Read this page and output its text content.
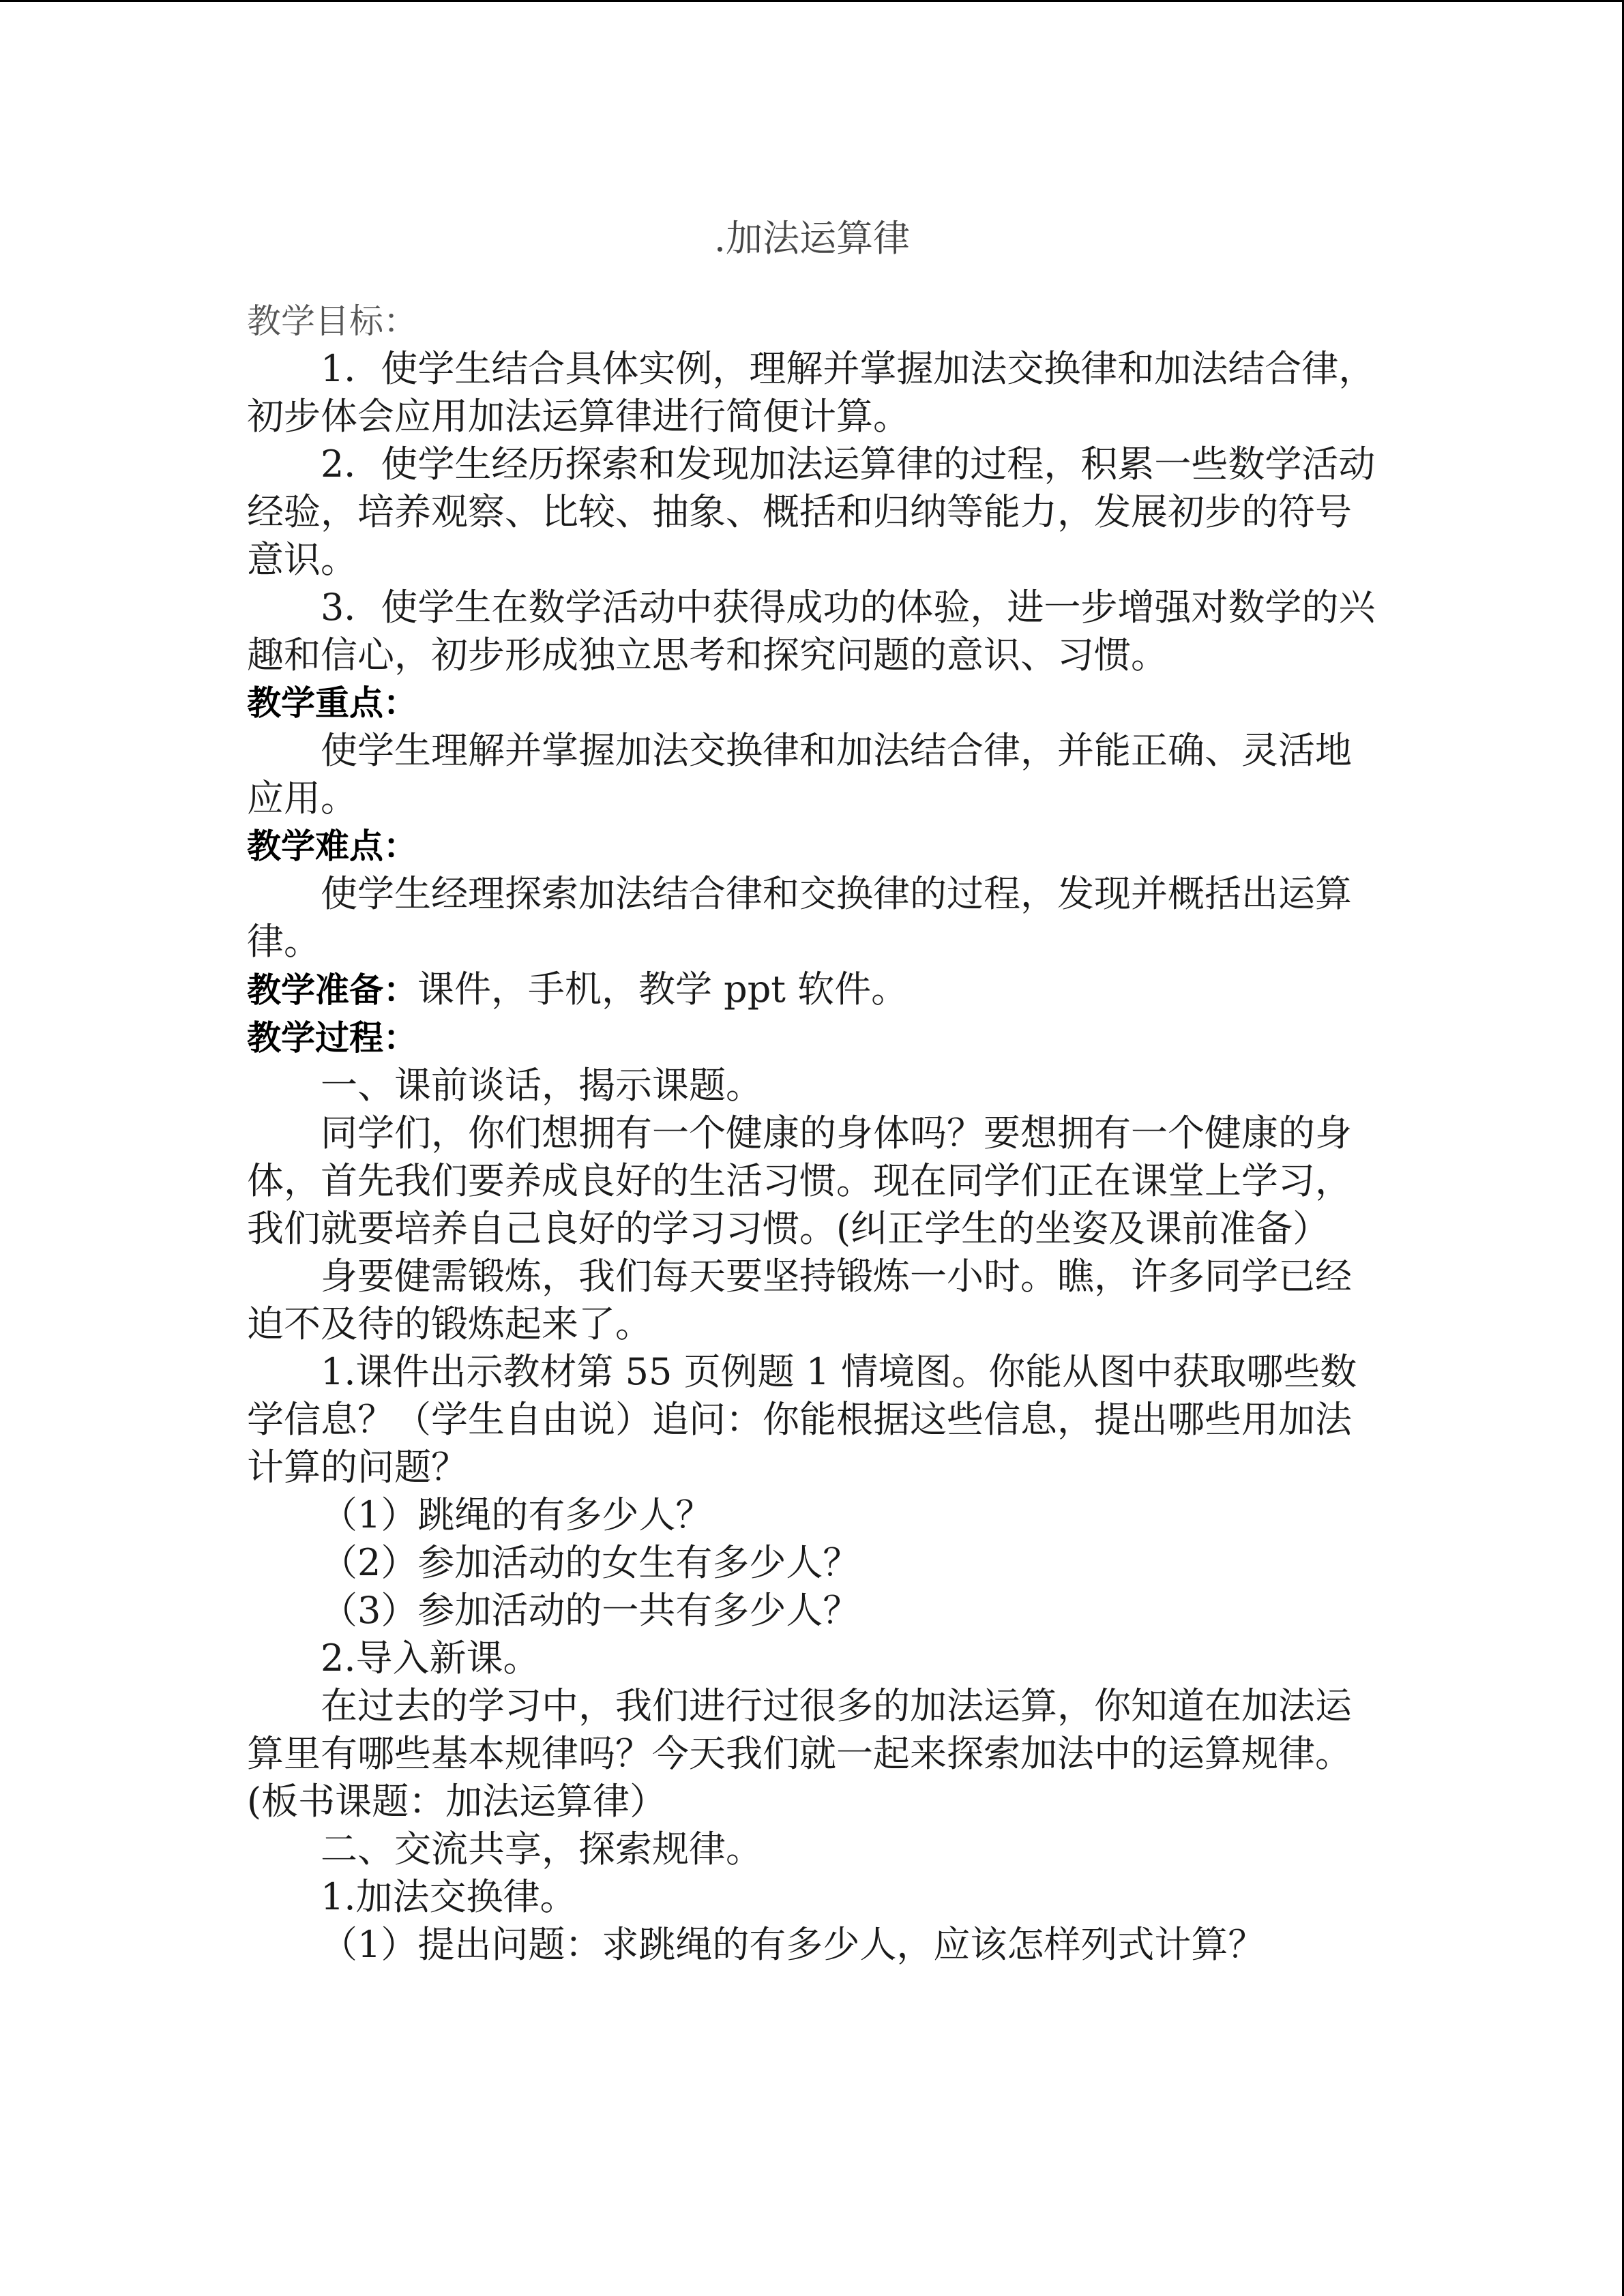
.加法运算律

教学目标：

1．使学生结合具体实例，理解并掌握加法交换律和加法结合律，初步体会应用加法运算律进行简便计算。

2．使学生经历探索和发现加法运算律的过程，积累一些数学活动经验，培养观察、比较、抽象、概括和归纳等能力，发展初步的符号意识。

3．使学生在数学活动中获得成功的体验，进一步增强对数学的兴趣和信心，初步形成独立思考和探究问题的意识、习惯。

教学重点：

使学生理解并掌握加法交换律和加法结合律，并能正确、灵活地应用。

教学难点：

使学生经理探索加法结合律和交换律的过程，发现并概括出运算律。

教学准备：课件，手机，教学 ppt 软件。

教学过程：

一、课前谈话，揭示课题。

同学们，你们想拥有一个健康的身体吗？要想拥有一个健康的身体，首先我们要养成良好的生活习惯。现在同学们正在课堂上学习，我们就要培养自己良好的学习习惯。(纠正学生的坐姿及课前准备）

身要健需锻炼，我们每天要坚持锻炼一小时。瞧，许多同学已经迫不及待的锻炼起来了。

1.课件出示教材第 55 页例题 1 情境图。你能从图中获取哪些数学信息？（学生自由说）追问：你能根据这些信息，提出哪些用加法计算的问题？

（1）跳绳的有多少人？

（2）参加活动的女生有多少人？

（3）参加活动的一共有多少人？

2.导入新课。

在过去的学习中，我们进行过很多的加法运算，你知道在加法运算里有哪些基本规律吗？今天我们就一起来探索加法中的运算规律。(板书课题：加法运算律）

二、交流共享，探索规律。

1.加法交换律。

（1）提出问题：求跳绳的有多少人，应该怎样列式计算？
